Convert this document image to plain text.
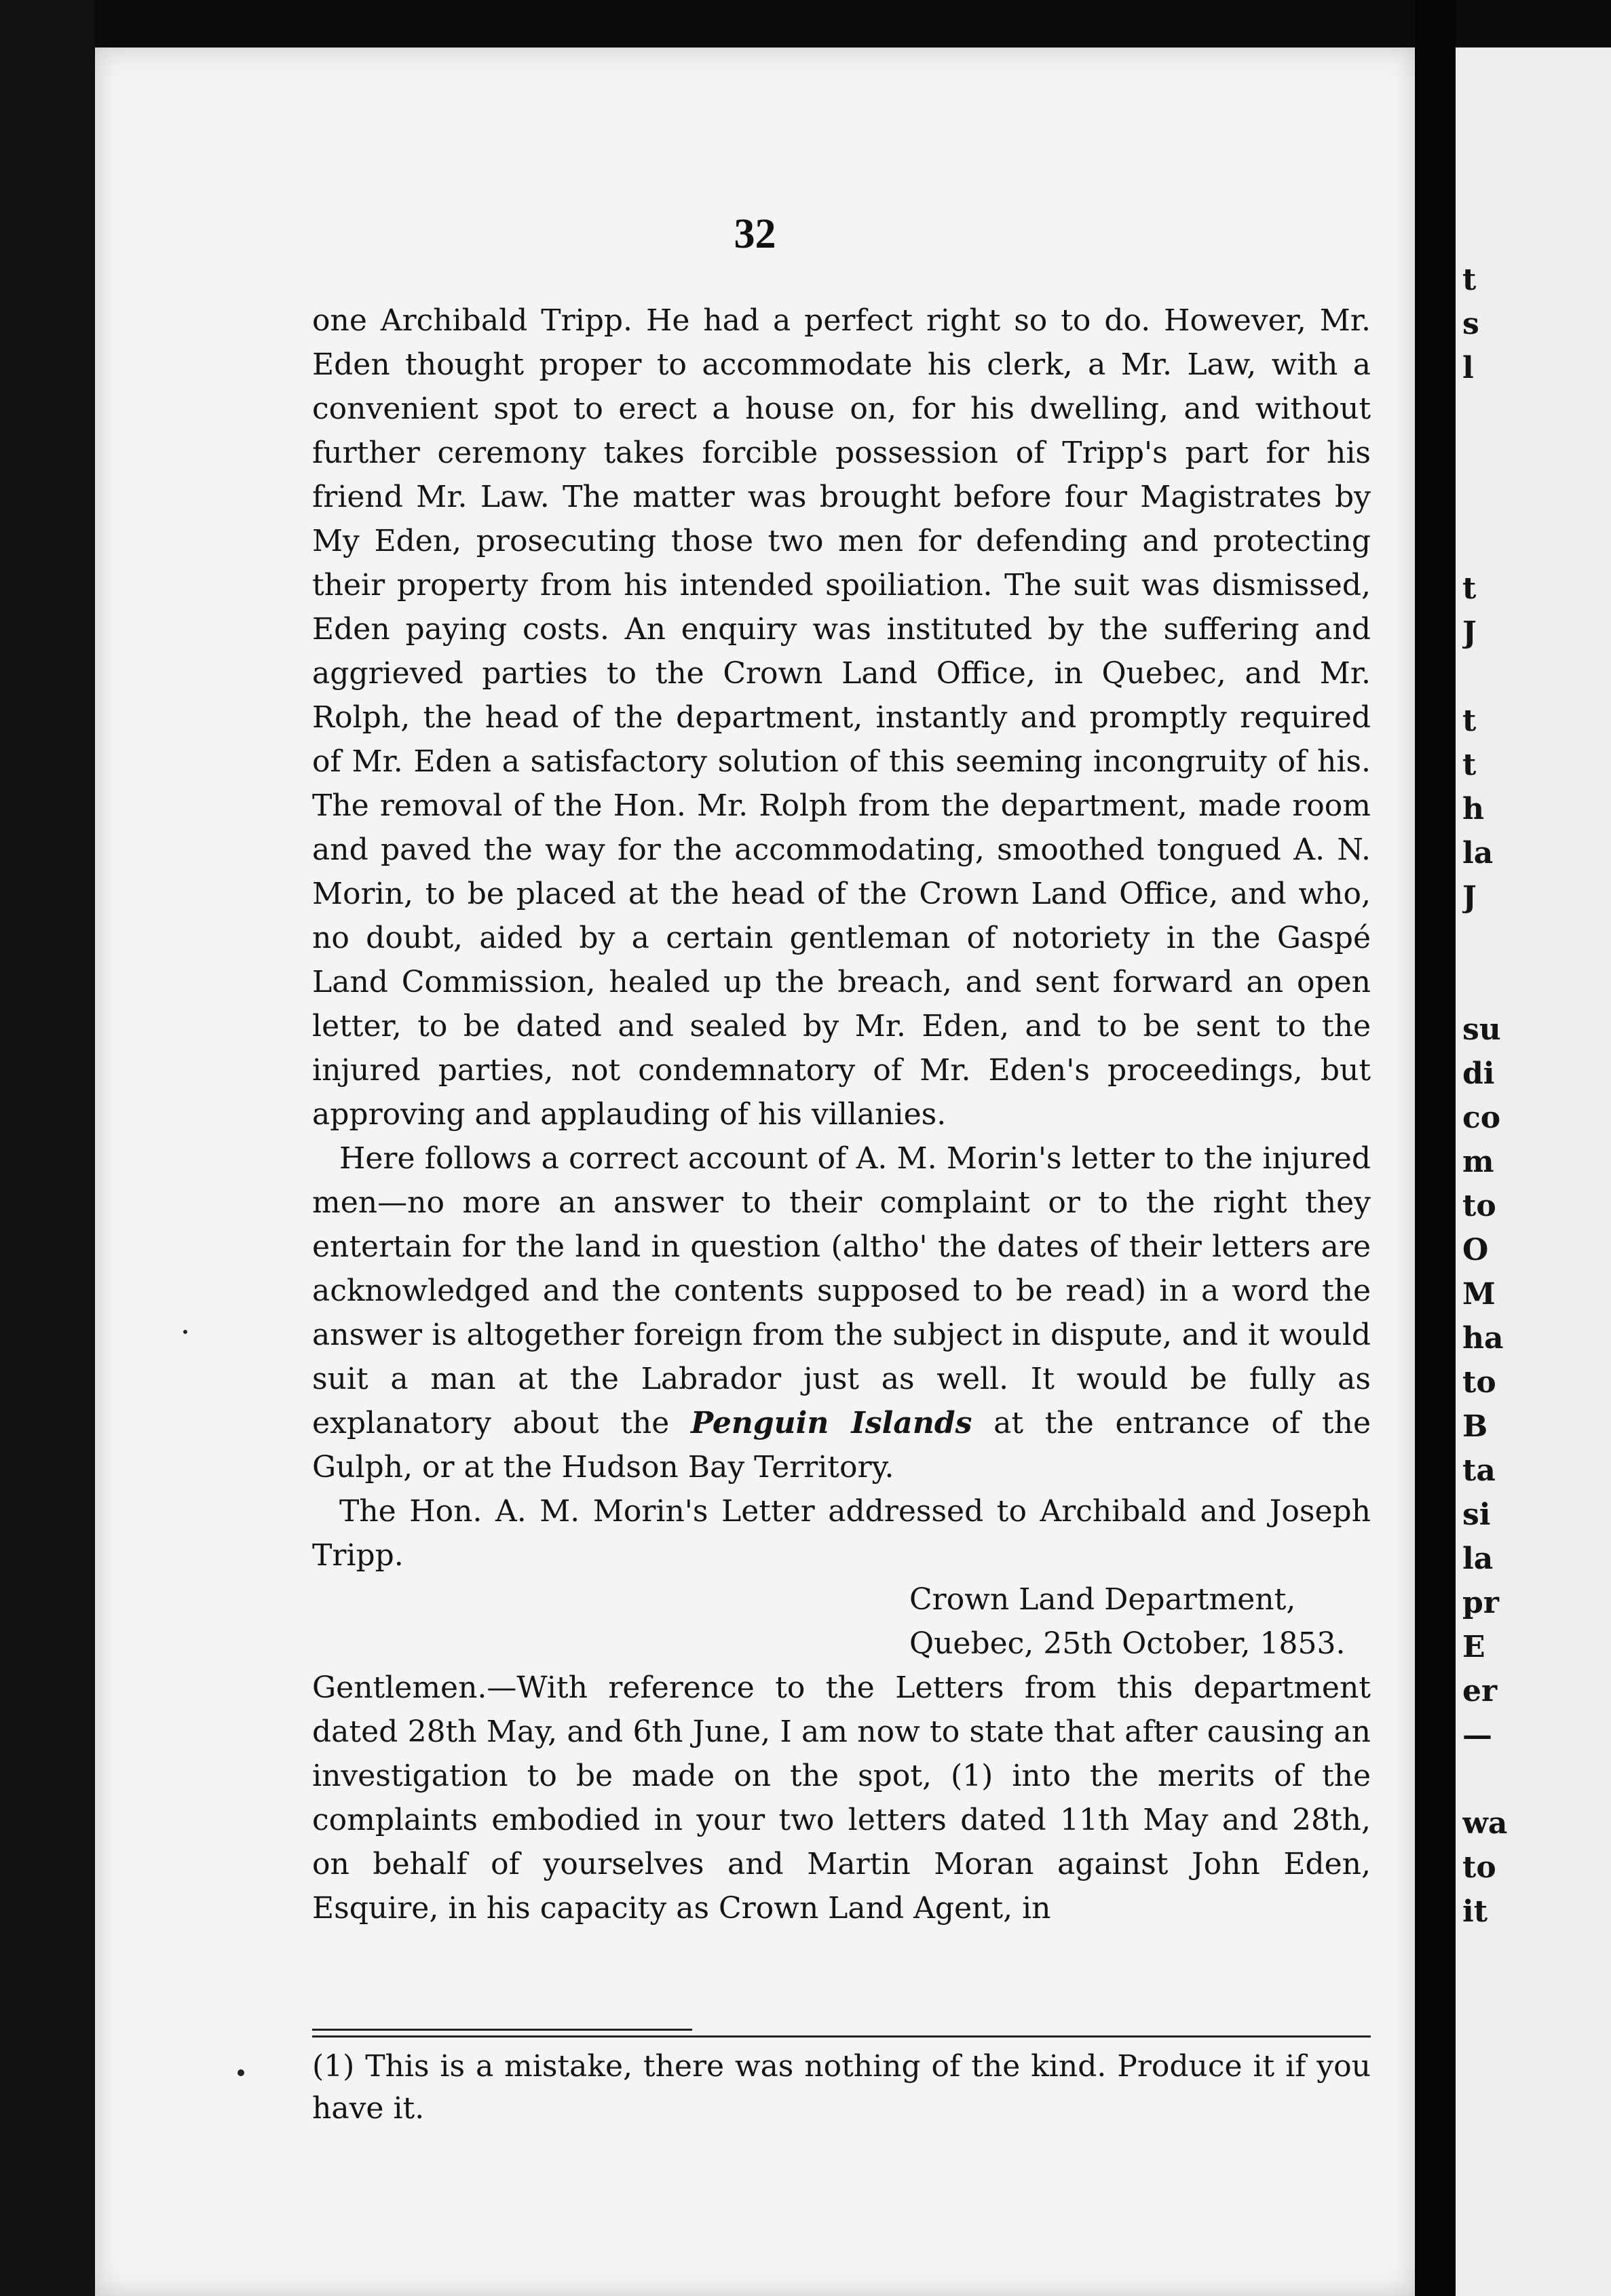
32

one Archibald Tripp. He had a perfect right so to do. However, Mr. Eden thought proper to accommodate his clerk, a Mr. Law, with a convenient spot to erect a house on, for his dwelling, and without further ceremony takes forcible possession of Tripp's part for his friend Mr. Law. The matter was brought before four Magistrates by My Eden, prosecuting those two men for defending and protecting their property from his intended spoiliation. The suit was dismissed, Eden paying costs. An enquiry was instituted by the suffering and aggrieved parties to the Crown Land Office, in Quebec, and Mr. Rolph, the head of the department, instantly and promptly required of Mr. Eden a satisfactory solution of this seeming incongruity of his. The removal of the Hon. Mr. Rolph from the department, made room and paved the way for the accommodating, smoothed tongued A. N. Morin, to be placed at the head of the Crown Land Office, and who, no doubt, aided by a certain gentleman of notoriety in the Gaspé Land Commission, healed up the breach, and sent forward an open letter, to be dated and sealed by Mr. Eden, and to be sent to the injured parties, not condemnatory of Mr. Eden's proceedings, but approving and applauding of his villanies.

Here follows a correct account of A. M. Morin's letter to the injured men—no more an answer to their complaint or to the right they entertain for the land in question (altho' the dates of their letters are acknowledged and the contents supposed to be read) in a word the answer is altogether foreign from the subject in dispute, and it would suit a man at the Labrador just as well. It would be fully as explanatory about the Penguin Islands at the entrance of the Gulph, or at the Hudson Bay Territory.

The Hon. A. M. Morin's Letter addressed to Archibald and Joseph Tripp.

Crown Land Department,

Quebec, 25th October, 1853.

Gentlemen.—With reference to the Letters from this department dated 28th May, and 6th June, I am now to state that after causing an investigation to be made on the spot, (1) into the merits of the complaints embodied in your two letters dated 11th May and 28th, on behalf of yourselves and Martin Moran against John Eden, Esquire, in his capacity as Crown Land Agent, in

(1) This is a mistake, there was nothing of the kind. Produce it if you have it.
t
s
l
t
J
t
t
h
la
J
su
di
co
m
to
O
M
ha
to
B
ta
si
la
pr
E
er
—
wa
to
it
